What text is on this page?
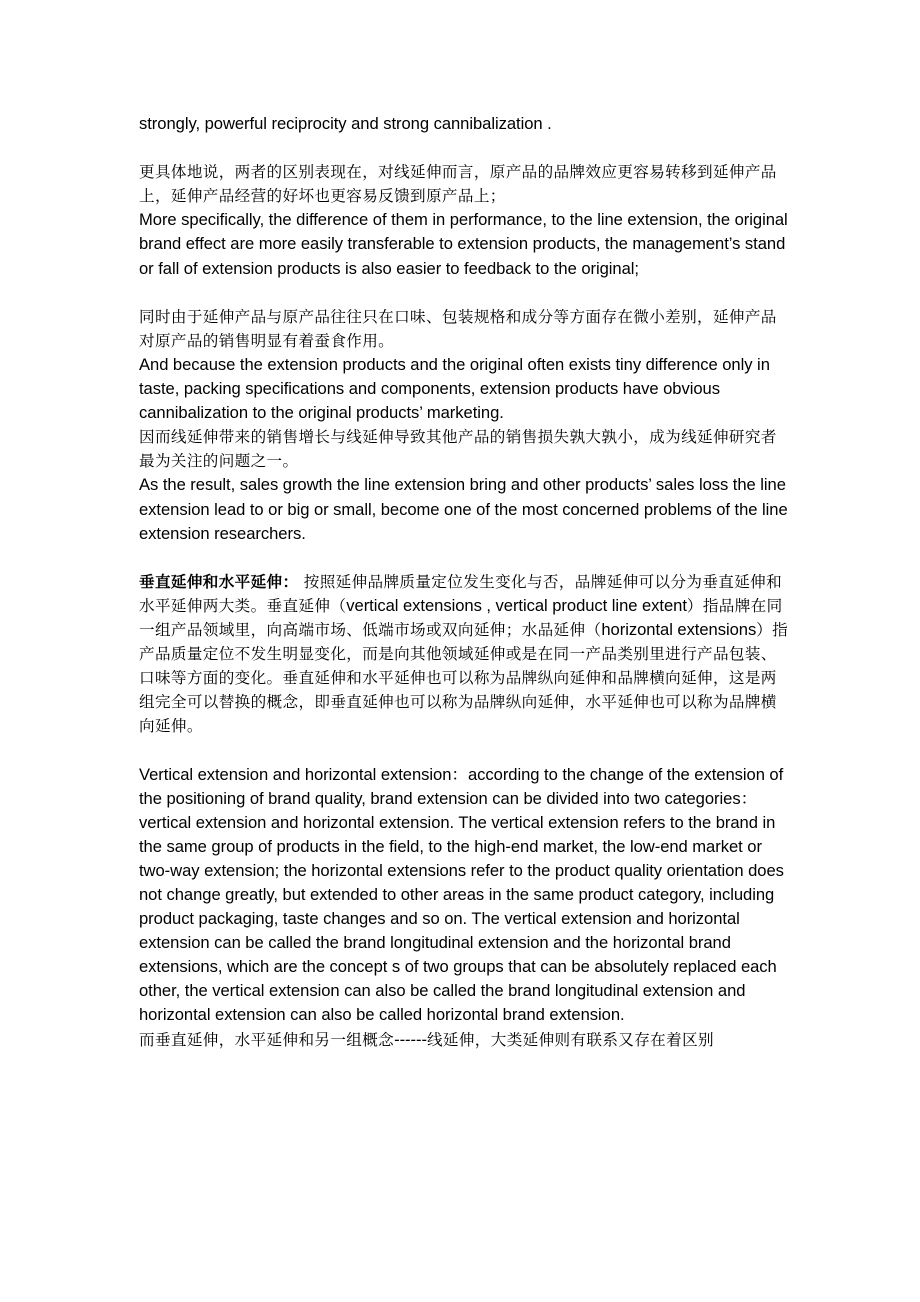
strongly, powerful reciprocity and strong cannibalization .

更具体地说，两者的区别表现在，对线延伸而言，原产品的品牌效应更容易转移到延伸产品上，延伸产品经营的好坏也更容易反馈到原产品上；

More specifically, the difference of them in performance, to the line extension, the original brand effect are more easily transferable to extension products, the management’s stand or fall of extension products is also easier to feedback to the original;

同时由于延伸产品与原产品往往只在口味、包装规格和成分等方面存在微小差别，延伸产品对原产品的销售明显有着蚕食作用。

And because the extension products and the original often exists tiny difference only in taste, packing specifications and components, extension products have obvious cannibalization to the original products’ marketing.

因而线延伸带来的销售增长与线延伸导致其他产品的销售损失孰大孰小，成为线延伸研究者最为关注的问题之一。

As the result, sales growth the line extension bring and other products’ sales loss the line extension lead to or big or small, become one of the most concerned problems of the line extension researchers.

垂直延伸和水平延伸： 按照延伸品牌质量定位发生变化与否，品牌延伸可以分为垂直延伸和水平延伸两大类。垂直延伸（vertical extensions , vertical product line extent）指品牌在同一组产品领域里，向高端市场、低端市场或双向延伸；水品延伸（horizontal extensions）指产品质量定位不发生明显变化，而是向其他领域延伸或是在同一产品类别里进行产品包装、口味等方面的变化。垂直延伸和水平延伸也可以称为品牌纵向延伸和品牌横向延伸，这是两组完全可以替换的概念，即垂直延伸也可以称为品牌纵向延伸，水平延伸也可以称为品牌横向延伸。

Vertical extension and horizontal extension：according to the change of the extension of the positioning of brand quality, brand extension can be divided into two categories： vertical extension and horizontal extension. The vertical extension refers to the brand in the same group of products in the field, to the high-end market, the low-end market or two-way extension; the horizontal extensions refer to the product quality orientation does not change greatly, but extended to other areas in the same product category, including product packaging, taste changes and so on. The vertical extension and horizontal extension can be called the brand longitudinal extension and the horizontal brand extensions, which are the concept s of two groups that can be absolutely replaced each other, the vertical extension can also be called the brand longitudinal extension and horizontal extension can also be called horizontal brand extension.

而垂直延伸，水平延伸和另一组概念------线延伸，大类延伸则有联系又存在着区别
